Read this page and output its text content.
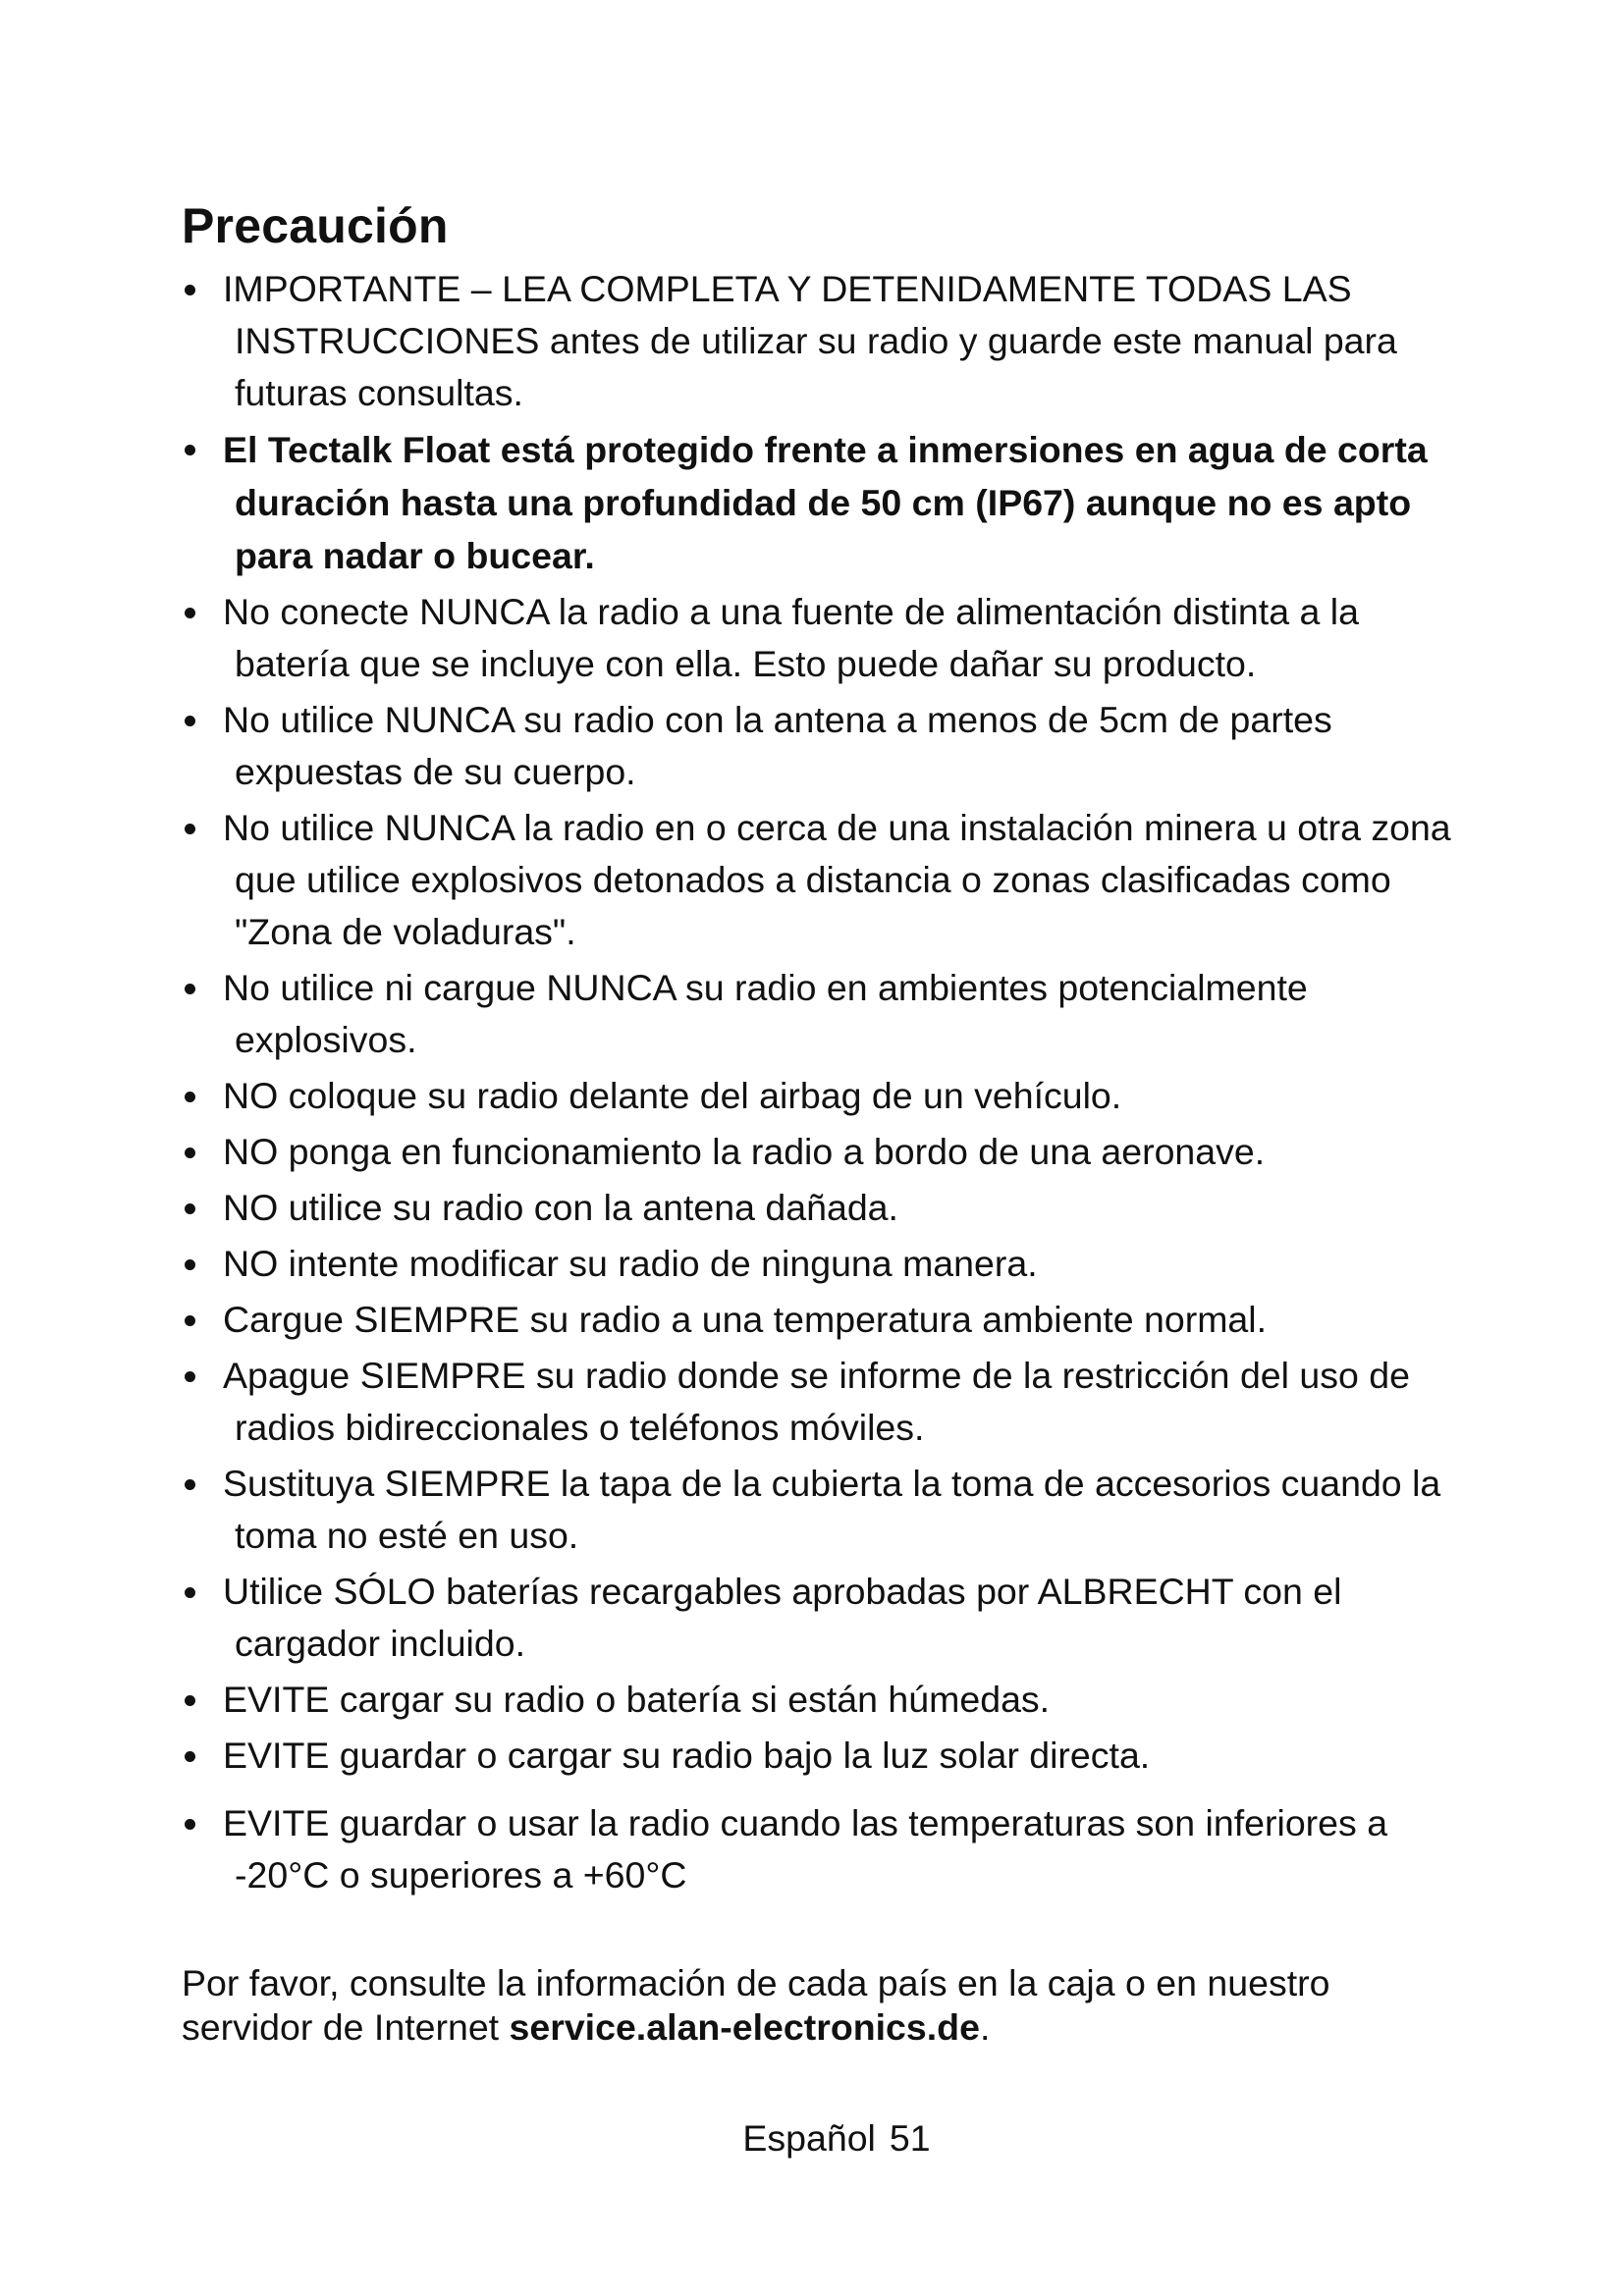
Precaución
IMPORTANTE – LEA COMPLETA Y DETENIDAMENTE TODAS LAS INSTRUCCIONES antes de utilizar su radio y guarde este manual para futuras consultas.
El Tectalk Float está protegido frente a inmersiones en agua de corta duración hasta una profundidad de 50 cm (IP67) aunque no es apto para nadar o bucear.
No conecte NUNCA la radio a una fuente de alimentación distinta a la batería que se incluye con ella. Esto puede dañar su producto.
No utilice NUNCA su radio con la antena a menos de 5cm de partes expuestas de su cuerpo.
No utilice NUNCA la radio en o cerca de una instalación minera u otra zona que utilice explosivos detonados a distancia o zonas clasificadas como "Zona de voladuras".
No utilice ni cargue NUNCA su radio en ambientes potencialmente explosivos.
NO coloque su radio delante del airbag de un vehículo.
NO ponga en funcionamiento la radio a bordo de una aeronave.
NO utilice su radio con la antena dañada.
NO intente modificar su radio de ninguna manera.
Cargue SIEMPRE su radio a una temperatura ambiente normal.
Apague SIEMPRE su radio donde se informe de la restricción del uso de radios bidireccionales o teléfonos móviles.
Sustituya SIEMPRE la tapa de la cubierta la toma de accesorios cuando la toma no esté en uso.
Utilice SÓLO baterías recargables aprobadas por ALBRECHT con el cargador incluido.
EVITE cargar su radio o batería si están húmedas.
EVITE guardar o cargar su radio bajo la luz solar directa.
EVITE guardar o usar la radio cuando las temperaturas son inferiores a -20°C o superiores a +60°C

Por favor, consulte la información de cada país en la caja o en nuestro servidor de Internet service.alan-electronics.de.

Español 51
